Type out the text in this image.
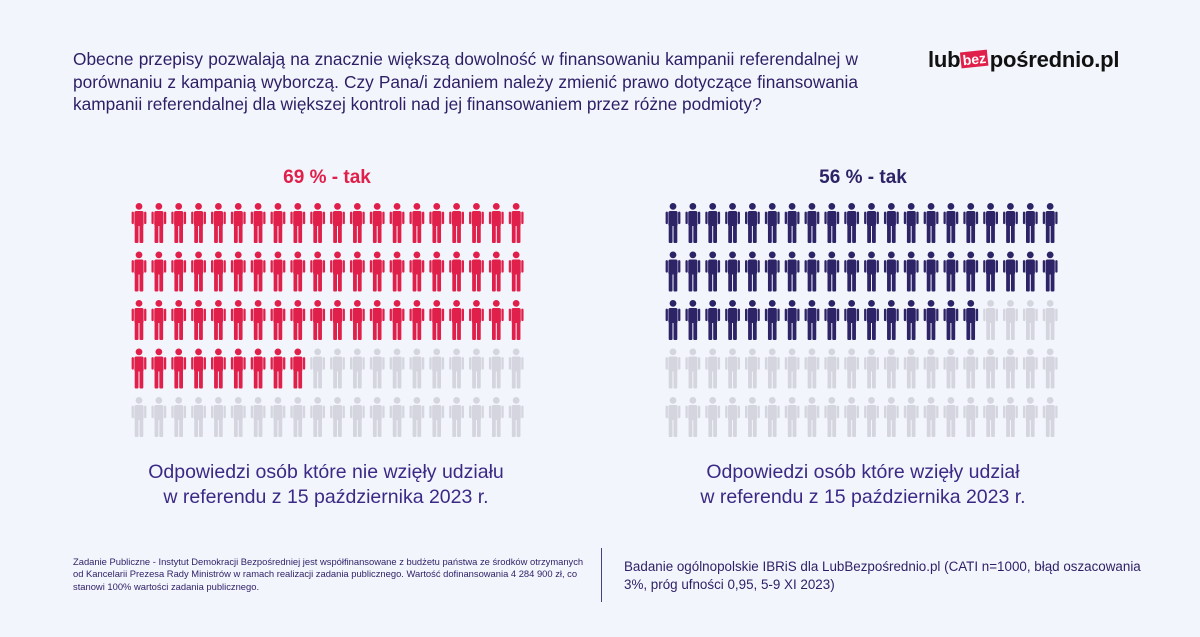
Obecne przepisy pozwalają na znacznie większą dowolność w finansowaniu kampanii referendalnej w porównaniu z kampanią wyborczą. Czy Pana/i zdaniem należy zmienić prawo dotyczące finansowania kampanii referendalnej dla większej kontroli nad jej finansowaniem przez różne podmioty?

lub bez pośrednio.pl
69 % - tak	56 % - tak
Odpowiedzi osób które nie wzięły udziału
w referendu z 15 października 2023 r.
Odpowiedzi osób które wzięły udział
w referendu z 15 października 2023 r.
Zadanie Publiczne - Instytut Demokracji Bezpośredniej jest współfinansowane z budżetu państwa ze środków otrzymanych od Kancelarii Prezesa Rady Ministrów w ramach realizacji zadania publicznego. Wartość dofinansowania 4 284 900 zł, co stanowi 100% wartości zadania publicznego.
Badanie ogólnopolskie IBRiS dla LubBezpośrednio.pl (CATI n=1000, błąd oszacowania 3%, próg ufności 0,95, 5-9 XI 2023)
